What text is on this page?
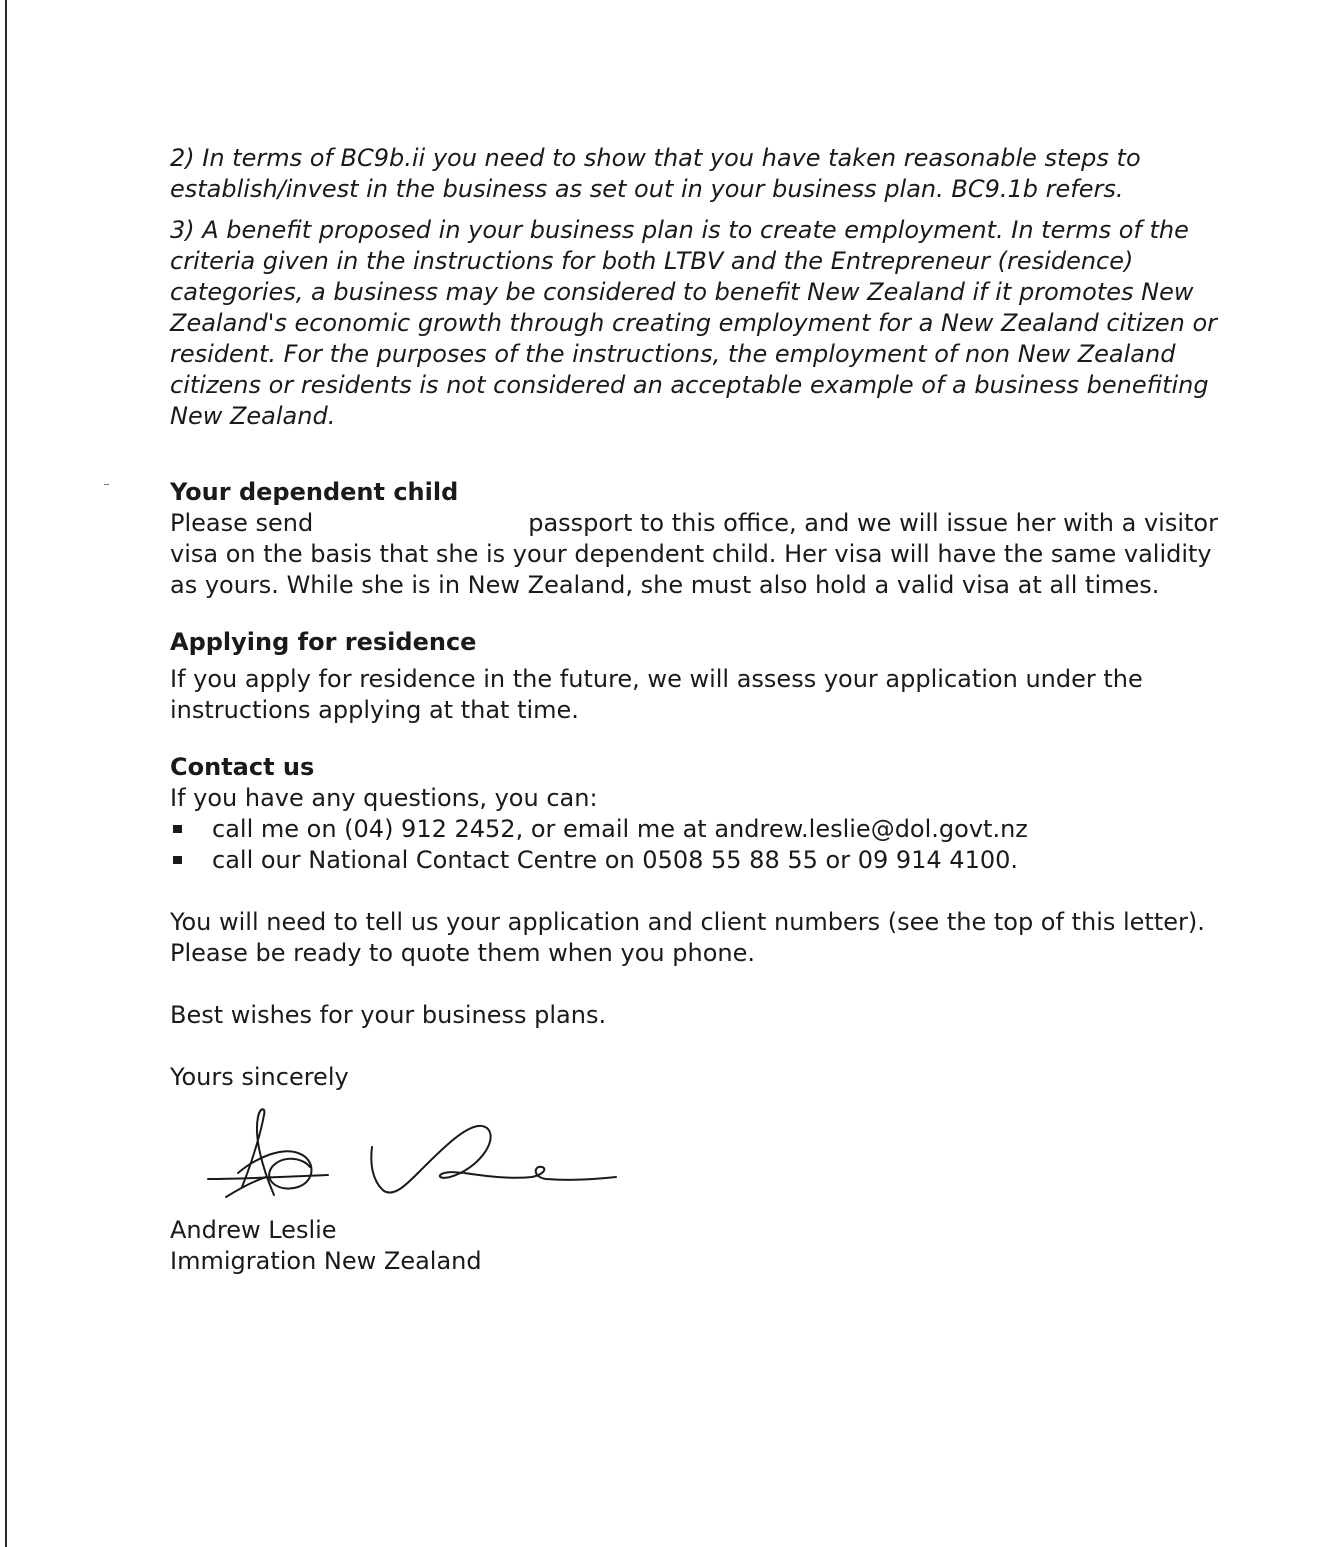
2) In terms of BC9b.ii you need to show that you have taken reasonable steps to establish/invest in the business as set out in your business plan. BC9.1b refers.

3) A benefit proposed in your business plan is to create employment. In terms of the criteria given in the instructions for both LTBV and the Entrepreneur (residence) categories, a business may be considered to benefit New Zealand if it promotes New Zealand's economic growth through creating employment for a New Zealand citizen or resident. For the purposes of the instructions, the employment of non New Zealand citizens or residents is not considered an acceptable example of a business benefiting New Zealand.

Your dependent child

Please send	passport to this office, and we will issue her with a visitor visa on the basis that she is your dependent child. Her visa will have the same validity as yours. While she is in New Zealand, she must also hold a valid visa at all times.

Applying for residence

If you apply for residence in the future, we will assess your application under the instructions applying at that time.

Contact us

If you have any questions, you can:

call me on (04) 912 2452, or email me at andrew.leslie@dol.govt.nz
call our National Contact Centre on 0508 55 88 55 or 09 914 4100.

You will need to tell us your application and client numbers (see the top of this letter). Please be ready to quote them when you phone.

Best wishes for your business plans.

Yours sincerely

Andrew Leslie

Immigration New Zealand
